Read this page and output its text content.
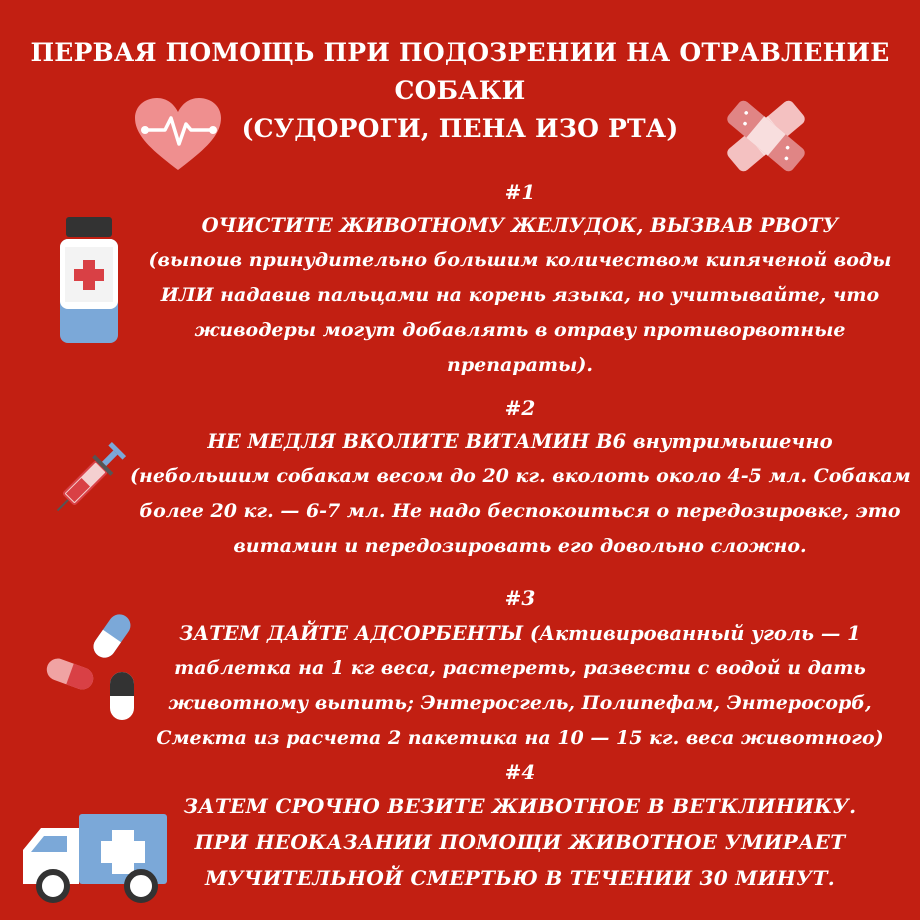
ПЕРВАЯ ПОМОЩЬ ПРИ ПОДОЗРЕНИИ НА ОТРАВЛЕНИЕ
СОБАКИ
(СУДОРОГИ, ПЕНА ИЗО РТА)
#1
ОЧИСТИТЕ ЖИВОТНОМУ ЖЕЛУДОК, ВЫЗВАВ РВОТУ
(выпоив принудительно большим количеством кипяченой воды
ИЛИ надавив пальцами на корень языка, но учитывайте, что
живодеры могут добавлять в отраву противорвотные
препараты).
#2
НЕ МЕДЛЯ ВКОЛИТЕ ВИТАМИН В6 внутримышечно
(небольшим собакам весом до 20 кг. вколоть около 4-5 мл. Собакам
более 20 кг. — 6-7 мл. Не надо беспокоиться о передозировке, это
витамин и передозировать его довольно сложно.
#3
ЗАТЕМ ДАЙТЕ АДСОРБЕНТЫ (Активированный уголь — 1
таблетка на 1 кг веса, растереть, развести с водой и дать
животному выпить; Энтеросгель, Полипефам, Энтеросорб,
Смекта из расчета 2 пакетика на 10 — 15 кг. веса животного)
#4
ЗАТЕМ СРОЧНО ВЕЗИТЕ ЖИВОТНОЕ В ВЕТКЛИНИКУ.
ПРИ НЕОКАЗАНИИ ПОМОЩИ ЖИВОТНОЕ УМИРАЕТ
МУЧИТЕЛЬНОЙ СМЕРТЬЮ В ТЕЧЕНИИ 30 МИНУТ.
